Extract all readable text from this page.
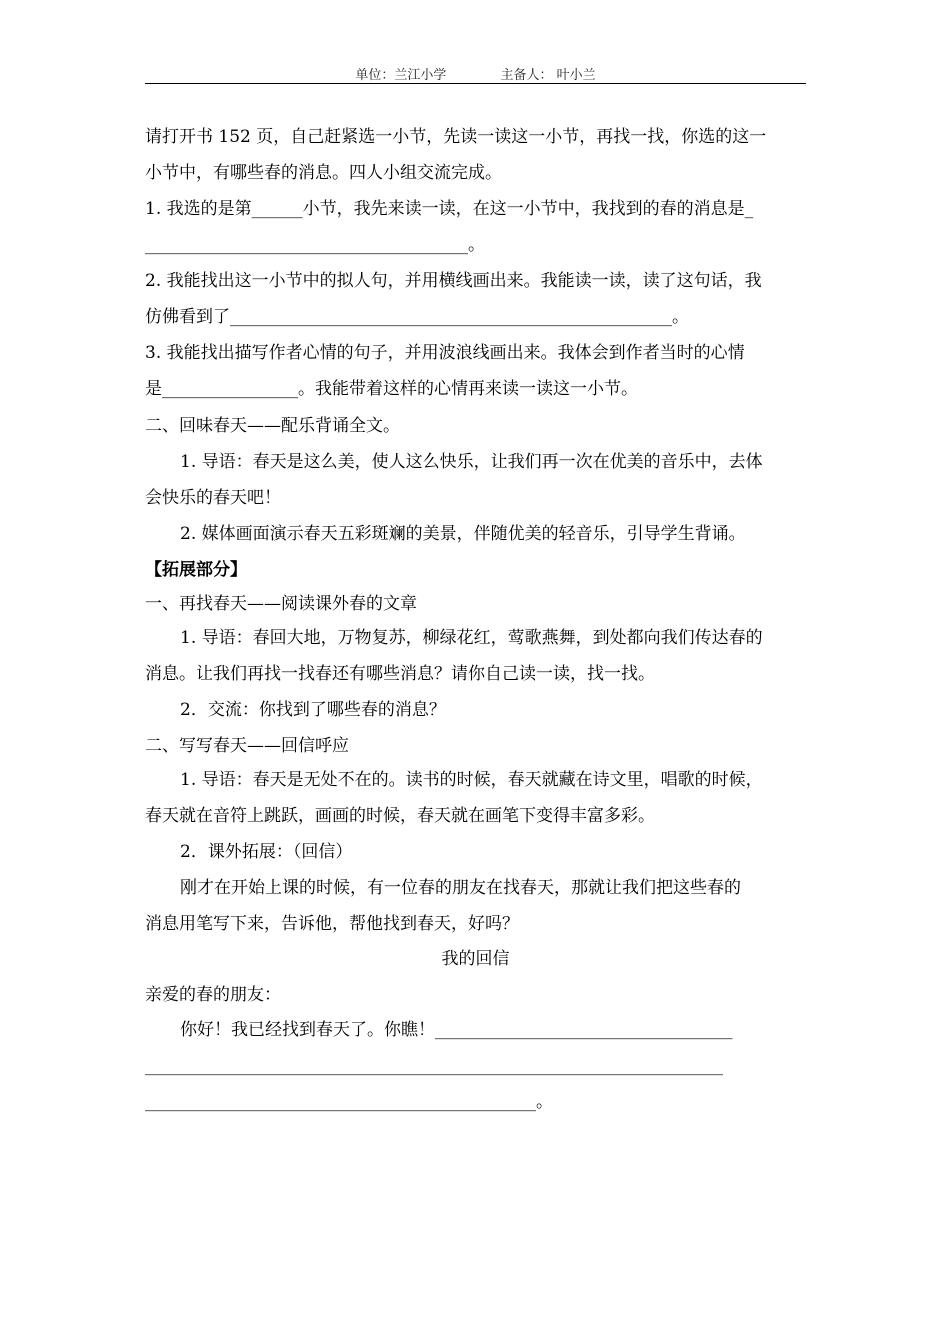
单位：兰江小学	主备人： 叶小兰
请打开书 152 页，自己赶紧选一小节，先读一读这一小节，再找一找，你选的这一
小节中，有哪些春的消息。四人小组交流完成。
1. 我选的是第______小节，我先来读一读，在这一小节中，我找到的春的消息是_
______________________________________。
2. 我能找出这一小节中的拟人句，并用横线画出来。我能读一读，读了这句话，我
仿佛看到了____________________________________________________。
3. 我能找出描写作者心情的句子，并用波浪线画出来。我体会到作者当时的心情
是________________。我能带着这样的心情再来读一读这一小节。
二、回味春天——配乐背诵全文。
1. 导语：春天是这么美，使人这么快乐，让我们再一次在优美的音乐中，去体
会快乐的春天吧！
2. 媒体画面演示春天五彩斑斓的美景，伴随优美的轻音乐，引导学生背诵。
【拓展部分】
一、再找春天——阅读课外春的文章
1. 导语：春回大地，万物复苏，柳绿花红，莺歌燕舞，到处都向我们传达春的
消息。让我们再找一找春还有哪些消息？请你自己读一读，找一找。
2．交流：你找到了哪些春的消息？
二、写写春天——回信呼应
1. 导语：春天是无处不在的。读书的时候，春天就藏在诗文里，唱歌的时候，
春天就在音符上跳跃，画画的时候，春天就在画笔下变得丰富多彩。
2．课外拓展：（回信）
刚才在开始上课的时候，有一位春的朋友在找春天，那就让我们把这些春的
消息用笔写下来，告诉他，帮他找到春天，好吗？
我的回信
亲爱的春的朋友：
你好！我已经找到春天了。你瞧！___________________________________
____________________________________________________________________
______________________________________________。
